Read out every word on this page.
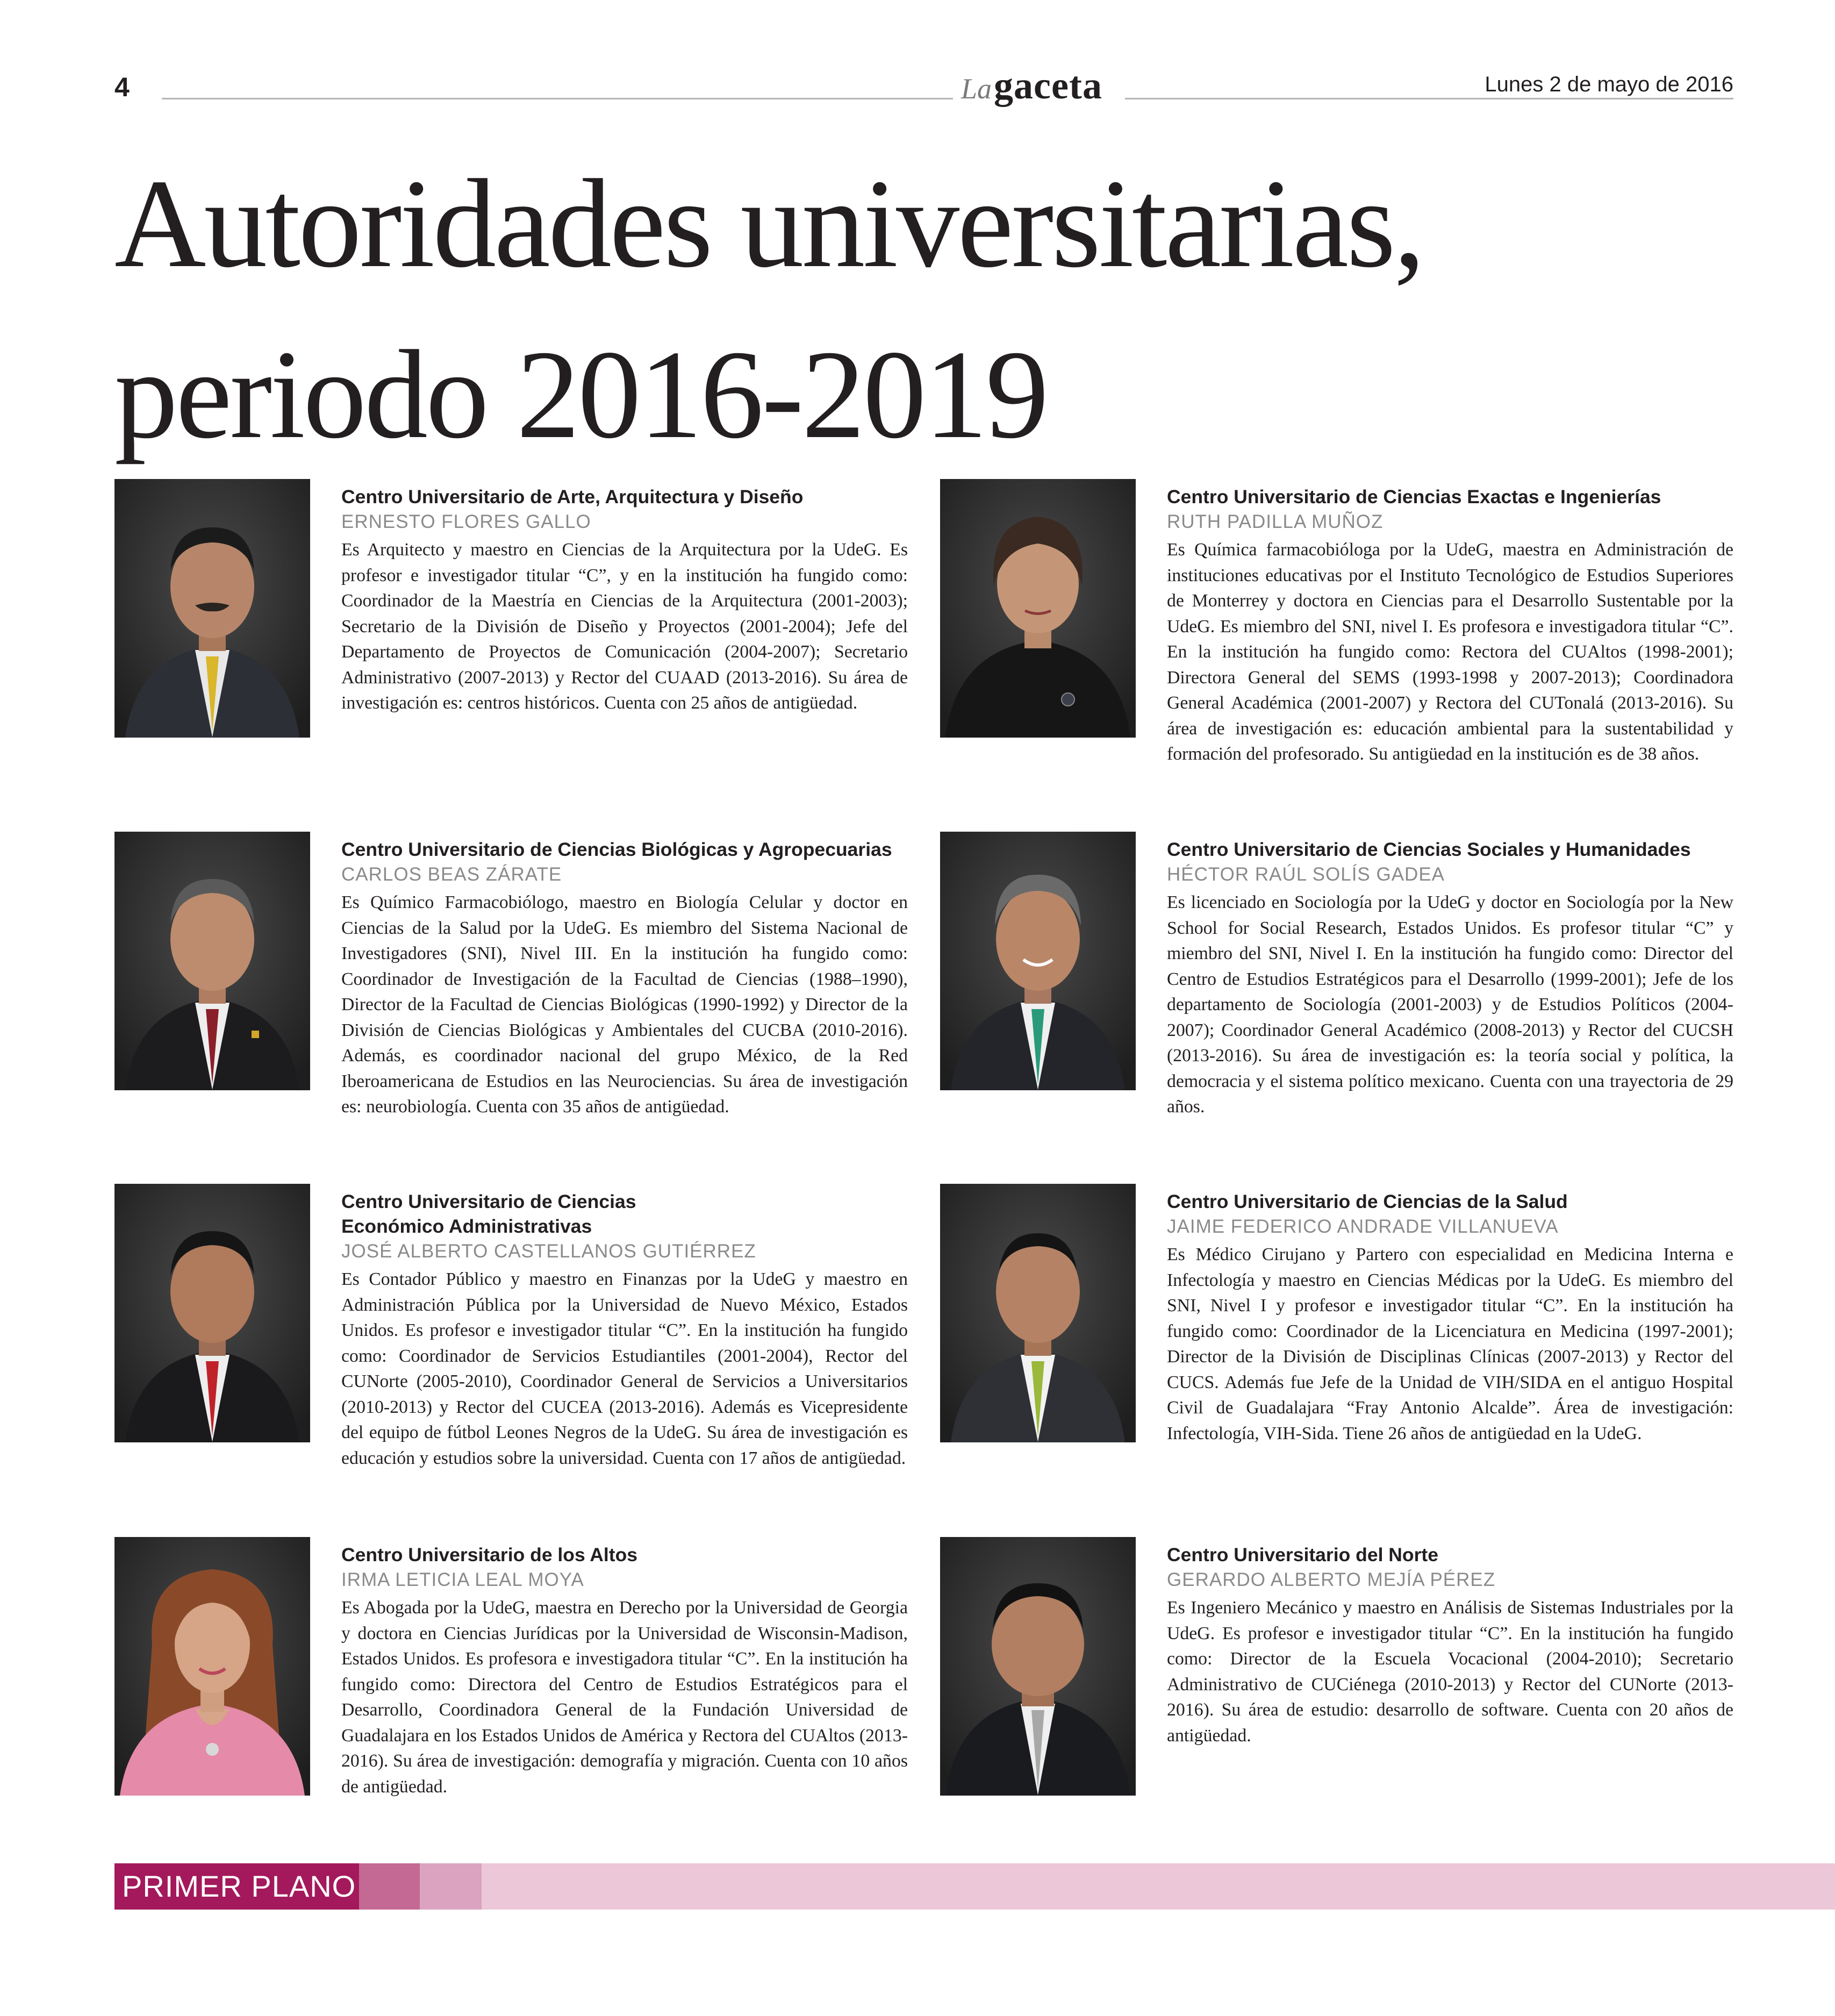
4	La gaceta	Lunes 2 de mayo de 2016
Autoridades universitarias,
periodo 2016-2019
Centro Universitario de Arte, Arquitectura y Diseño

ERNESTO FLORES GALLO

Es Arquitecto y maestro en Ciencias de la Arquitectura por la UdeG. Es profesor e investigador titular “C”, y en la institución ha fungido como: Coordinador de la Maestría en Ciencias de la Arquitectura (2001-2003); Secretario de la División de Diseño y Proyectos (2001-2004); Jefe del Departamento de Proyectos de Comunicación (2004-2007); Secretario Administrativo (2007-2013) y Rector del CUAAD (2013-2016). Su área de investigación es: centros históricos. Cuenta con 25 años de antigüedad.

Centro Universitario de Ciencias Exactas e Ingenierías

RUTH PADILLA MUÑOZ

Es Química farmacobióloga por la UdeG, maestra en Administración de instituciones educativas por el Instituto Tecnológico de Estudios Superiores de Monterrey y doctora en Ciencias para el Desarrollo Sustentable por la UdeG. Es miembro del SNI, nivel I. Es profesora e investigadora titular “C”. En la institución ha fungido como: Rectora del CUAltos (1998-2001); Directora General del SEMS (1993-1998 y 2007-2013); Coordinadora General Académica (2001-2007) y Rectora del CUTonalá (2013-2016). Su área de investigación es: educación ambiental para la sustentabilidad y formación del profesorado. Su antigüedad en la institución es de 38 años.

Centro Universitario de Ciencias Biológicas y Agropecuarias

CARLOS BEAS ZÁRATE

Es Químico Farmacobiólogo, maestro en Biología Celular y doctor en Ciencias de la Salud por la UdeG. Es miembro del Sistema Nacional de Investigadores (SNI), Nivel III. En la institución ha fungido como: Coordinador de Investigación de la Facultad de Ciencias (1988–1990), Director de la Facultad de Ciencias Biológicas (1990-1992) y Director de la División de Ciencias Biológicas y Ambientales del CUCBA (2010-2016). Además, es coordinador nacional del grupo México, de la Red Iberoamericana de Estudios en las Neurociencias. Su área de investigación es: neurobiología. Cuenta con 35 años de antigüedad.

Centro Universitario de Ciencias Sociales y Humanidades

HÉCTOR RAÚL SOLÍS GADEA

Es licenciado en Sociología por la UdeG y doctor en Sociología por la New School for Social Research, Estados Unidos. Es profesor titular “C” y miembro del SNI, Nivel I. En la institución ha fungido como: Director del Centro de Estudios Estratégicos para el Desarrollo (1999-2001); Jefe de los departamento de Sociología (2001-2003) y de Estudios Políticos (2004-2007); Coordinador General Académico (2008-2013) y Rector del CUCSH (2013-2016). Su área de investigación es: la teoría social y política, la democracia y el sistema político mexicano. Cuenta con una trayectoria de 29 años.

Centro Universitario de Ciencias
Económico Administrativas

JOSÉ ALBERTO CASTELLANOS GUTIÉRREZ

Es Contador Público y maestro en Finanzas por la UdeG y maestro en Administración Pública por la Universidad de Nuevo México, Estados Unidos. Es profesor e investigador titular “C”. En la institución ha fungido como: Coordinador de Servicios Estudiantiles (2001-2004), Rector del CUNorte (2005-2010), Coordinador General de Servicios a Universitarios (2010-2013) y Rector del CUCEA (2013-2016). Además es Vicepresidente del equipo de fútbol Leones Negros de la UdeG. Su área de investigación es educación y estudios sobre la universidad. Cuenta con 17 años de antigüedad.

Centro Universitario de Ciencias de la Salud

JAIME FEDERICO ANDRADE VILLANUEVA

Es Médico Cirujano y Partero con especialidad en Medicina Interna e Infectología y maestro en Ciencias Médicas por la UdeG. Es miembro del SNI, Nivel I y profesor e investigador titular “C”. En la institución ha fungido como: Coordinador de la Licenciatura en Medicina (1997-2001); Director de la División de Disciplinas Clínicas (2007-2013) y Rector del CUCS. Además fue Jefe de la Unidad de VIH/SIDA en el antiguo Hospital Civil de Guadalajara “Fray Antonio Alcalde”. Área de investigación: Infectología, VIH-Sida. Tiene 26 años de antigüedad en la UdeG.

Centro Universitario de los Altos

IRMA LETICIA LEAL MOYA

Es Abogada por la UdeG, maestra en Derecho por la Universidad de Georgia y doctora en Ciencias Jurídicas por la Universidad de Wisconsin-Madison, Estados Unidos. Es profesora e investigadora titular “C”. En la institución ha fungido como: Directora del Centro de Estudios Estratégicos para el Desarrollo, Coordinadora General de la Fundación Universidad de Guadalajara en los Estados Unidos de América y Rectora del CUAltos (2013-2016). Su área de investigación: demografía y migración. Cuenta con 10 años de antigüedad.

Centro Universitario del Norte

GERARDO ALBERTO MEJÍA PÉREZ

Es Ingeniero Mecánico y maestro en Análisis de Sistemas Industriales por la UdeG. Es profesor e investigador titular “C”. En la institución ha fungido como: Director de la Escuela Vocacional (2004-2010); Secretario Administrativo de CUCiénega (2010-2013) y Rector del CUNorte (2013-2016). Su área de estudio: desarrollo de software. Cuenta con 20 años de antigüedad.

PRIMER PLANO
